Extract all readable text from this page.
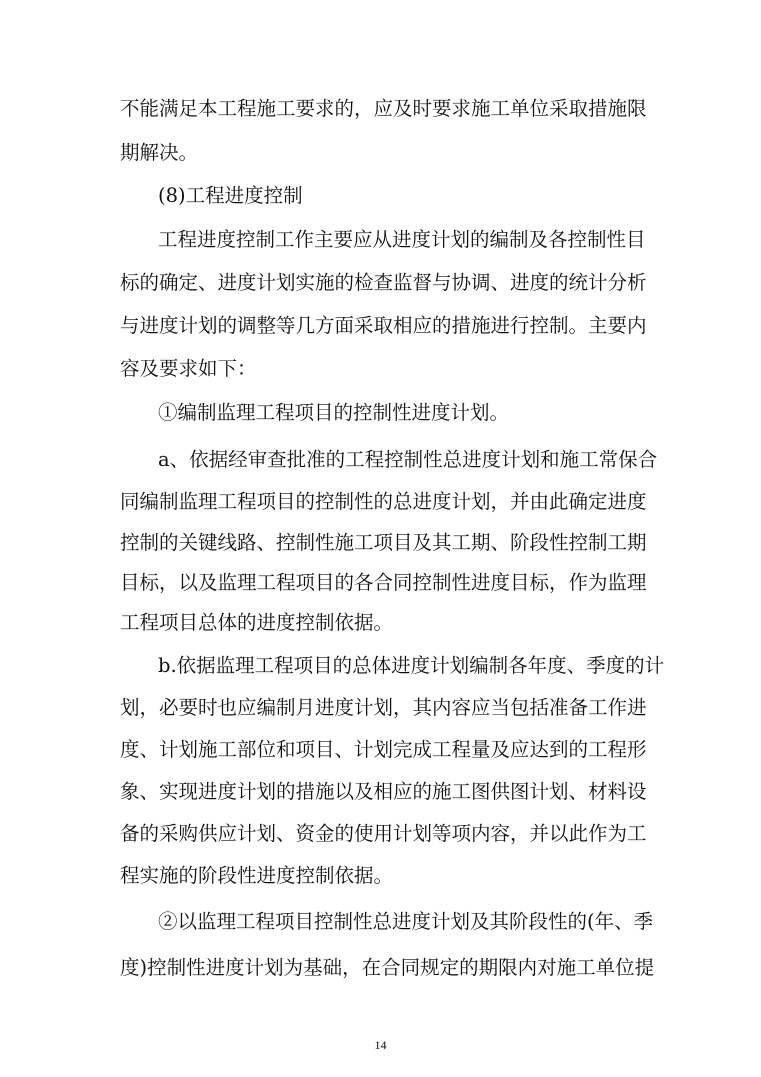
不能满足本工程施工要求的，应及时要求施工单位采取措施限
期解决。
(8)工程进度控制
工程进度控制工作主要应从进度计划的编制及各控制性目
标的确定、进度计划实施的检查监督与协调、进度的统计分析
与进度计划的调整等几方面采取相应的措施进行控制。主要内
容及要求如下：
①编制监理工程项目的控制性进度计划。
a、依据经审查批准的工程控制性总进度计划和施工常保合
同编制监理工程项目的控制性的总进度计划，并由此确定进度
控制的关键线路、控制性施工项目及其工期、阶段性控制工期
目标，以及监理工程项目的各合同控制性进度目标，作为监理
工程项目总体的进度控制依据。
b.依据监理工程项目的总体进度计划编制各年度、季度的计
划，必要时也应编制月进度计划，其内容应当包括准备工作进
度、计划施工部位和项目、计划完成工程量及应达到的工程形
象、实现进度计划的措施以及相应的施工图供图计划、材料设
备的采购供应计划、资金的使用计划等项内容，并以此作为工
程实施的阶段性进度控制依据。
②以监理工程项目控制性总进度计划及其阶段性的(年、季
度)控制性进度计划为基础，在合同规定的期限内对施工单位提
14
